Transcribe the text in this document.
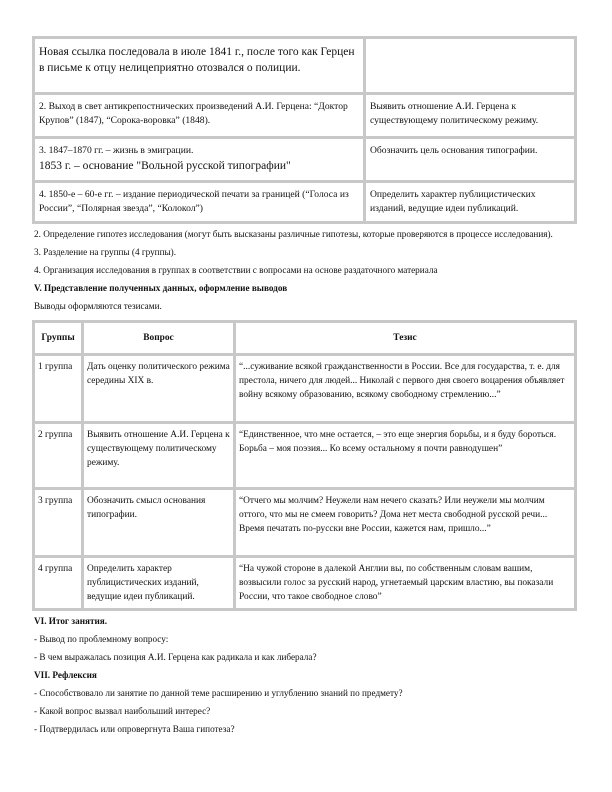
Новая ссылка последовала в июле 1841 г., после того как Герцен в письме к отцу нелицеприятно отозвался о полиции.	
2. Выход в свет антикрепостнических произведений А.И. Герцена: “Доктор Крупов” (1847), “Сорока-воровка” (1848).	Выявить отношение А.И. Герцена к существующему политическому режиму.

3. 1847–1870 гг. – жизнь в эмиграции.
1853 г. – основание "Вольной русской типографии"	Обозначить цель основания типографии.
4. 1850-е – 60-е гг. – издание периодической печати за границей (“Голоса из России”, “Полярная звезда”, “Колокол”)	Определить характер публицистических изданий, ведущие идеи публикаций.

2. Определение гипотез исследования (могут быть высказаны различные гипотезы, которые проверяются в процессе исследования).

3. Разделение на группы (4 группы).

4. Организация исследования в группах в соответствии с вопросами на основе раздаточного материала

V. Представление полученных данных, оформление выводов

Выводы оформляются тезисами.

Группы	Вопрос	Тезис
1 группа	Дать оценку политического режима середины XIX в.	“...суживание всякой гражданственности в России. Все для государства, т. е. для престола, ничего для людей... Николай с первого дня своего воцарения объявляет войну всякому образованию, всякому свободному стремлению...”
2 группа	Выявить отношение А.И. Герцена к существующему политическому режиму.	“Единственное, что мне остается, – это еще энергия борьбы, и я буду бороться. Борьба – моя поэзия... Ко всему остальному я почти равнодушен”
3 группа	Обозначить смысл основания типографии.	“Отчего мы молчим? Неужели нам нечего сказать? Или неужели мы молчим оттого, что мы не смеем говорить? Дома нет места свободной русской речи... Время печатать по-русски вне России, кажется нам, пришло...”
4 группа	Определить характер публицистических изданий, ведущие идеи публикаций.	“На чужой стороне в далекой Англии вы, по собственным словам вашим, возвысили голос за русский народ, угнетаемый царским властию, вы показали России, что такое свободное слово”

VI. Итог занятия.

- Вывод по проблемному вопросу:

- В чем выражалась позиция А.И. Герцена как радикала и как либерала?

VII. Рефлексия

- Способствовало ли занятие по данной теме расширению и углублению знаний по предмету?

- Какой вопрос вызвал наибольший интерес?

- Подтвердилась или опровергнута Ваша гипотеза?
